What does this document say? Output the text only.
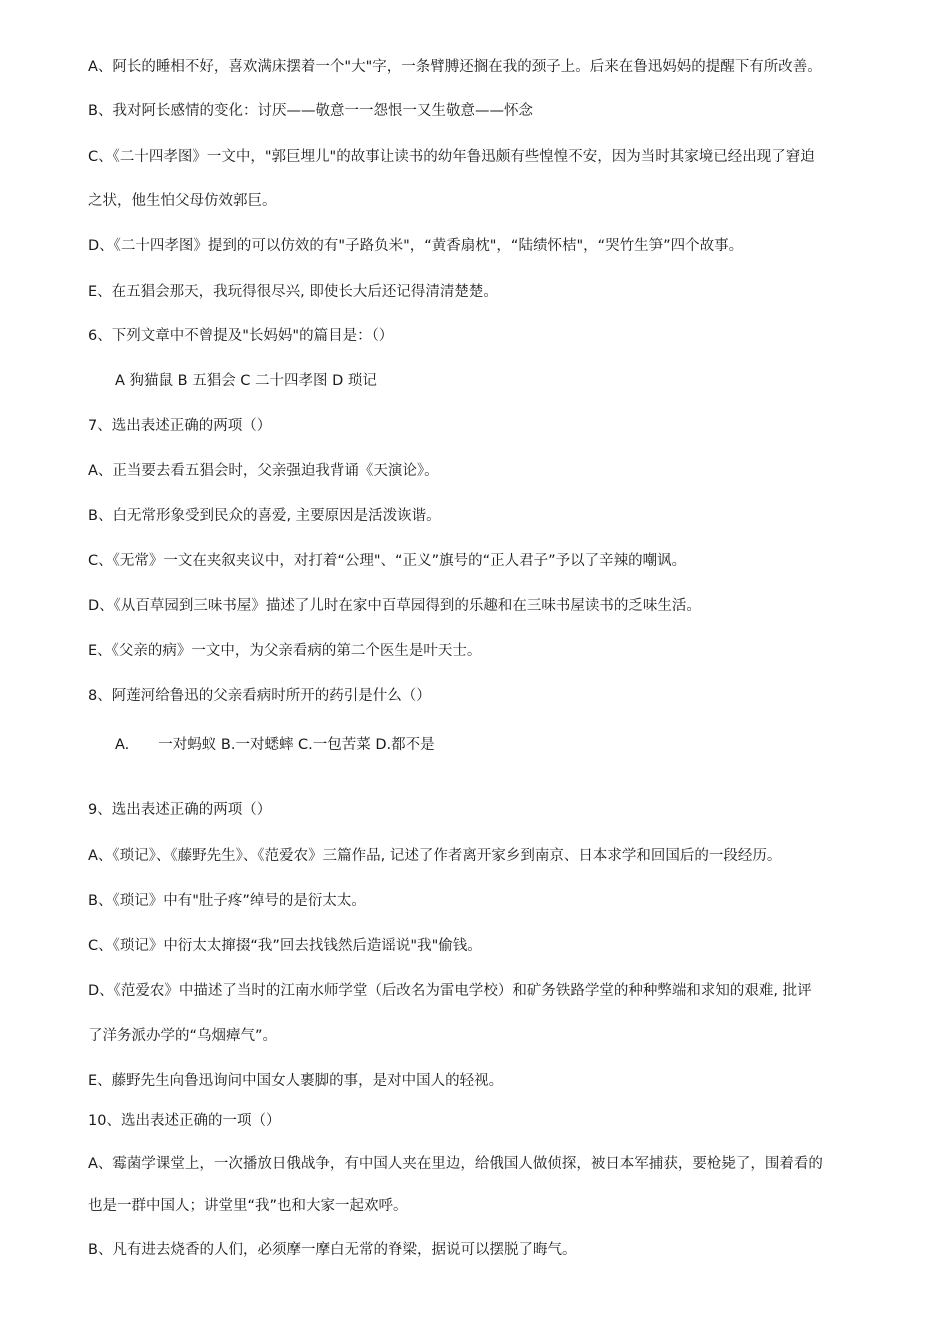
A、阿长的睡相不好，喜欢满床摆着一个"大"字，一条臂膊还搁在我的颈子上。后来在鲁迅妈妈的提醒下有所改善。
B、我对阿长感情的变化：讨厌——敬意一一怨恨一又生敬意——怀念
C、《二十四孝图》一文中，"郭巨埋儿"的故事让读书的幼年鲁迅颇有些惶惶不安，因为当时其家境已经出现了窘迫
之状，他生怕父母仿效郭巨。
D、《二十四孝图》提到的可以仿效的有"子路负米"，“黄香扇枕"，“陆绩怀桔"，“哭竹生笋”四个故事。
E、在五猖会那天，我玩得很尽兴, 即使长大后还记得清清楚楚。
6、下列文章中不曾提及"长妈妈"的篇目是：（）
A 狗猫鼠 B 五猖会 C 二十四孝图 D 琐记
7、选出表述正确的两项（）
A、正当要去看五猖会时，父亲强迫我背诵《天演论》。
B、白无常形象受到民众的喜爱, 主要原因是活泼诙谐。
C、《无常》一文在夹叙夹议中，对打着“公理"、“正义”旗号的“正人君子”予以了辛辣的嘲讽。
D、《从百草园到三味书屋》描述了儿时在家中百草园得到的乐趣和在三味书屋读书的乏味生活。
E、《父亲的病》一文中，为父亲看病的第二个医生是叶天士。
8、阿莲河给鲁迅的父亲看病时所开的药引是什么（）
A.　　一对蚂蚁 B.一对蟋蟀 C.一包苦菜 D.都不是
9、选出表述正确的两项（）
A、《琐记》、《藤野先生》、《范爱农》三篇作品, 记述了作者离开家乡到南京、日本求学和回国后的一段经历。
B、《琐记》中有"肚子疼”绰号的是衍太太。
C、《琐记》中衍太太撺掇“我”回去找钱然后造谣说"我"偷钱。
D、《范爱农》中描述了当时的江南水师学堂（后改名为雷电学校）和矿务铁路学堂的种种弊端和求知的艰难, 批评
了洋务派办学的“乌烟瘴气”。
E、藤野先生向鲁迅询问中国女人裹脚的事，是对中国人的轻视。
10、选出表述正确的一项（）
A、霉菌学课堂上，一次播放日俄战争，有中国人夹在里边，给俄国人做侦探，被日本军捕获，要枪毙了，围着看的
也是一群中国人；讲堂里“我”也和大家一起欢呼。
B、凡有进去烧香的人们，必须摩一摩白无常的脊梁，据说可以摆脱了晦气。
